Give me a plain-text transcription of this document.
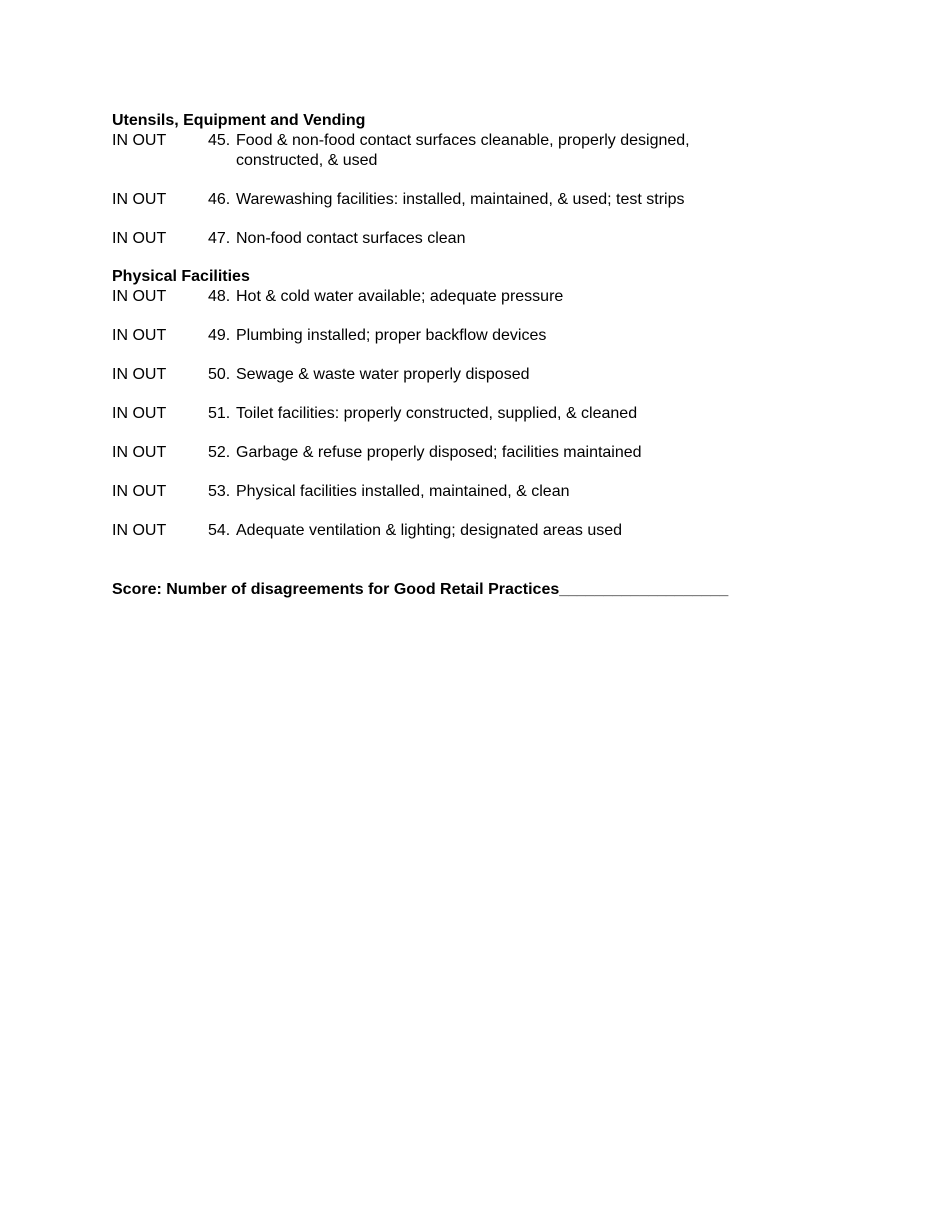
Utensils, Equipment and Vending
IN OUT	45. Food & non-food contact surfaces cleanable, properly designed, constructed, & used
IN OUT	46. Warewashing facilities: installed, maintained, & used; test strips
IN OUT	47. Non-food contact surfaces clean
Physical Facilities
IN OUT	48. Hot & cold water available; adequate pressure
IN OUT	49. Plumbing installed; proper backflow devices
IN OUT	50. Sewage & waste water properly disposed
IN OUT	51. Toilet facilities: properly constructed, supplied, & cleaned
IN OUT	52. Garbage & refuse properly disposed; facilities maintained
IN OUT	53. Physical facilities installed, maintained, & clean
IN OUT	54. Adequate ventilation & lighting; designated areas used
Score: Number of disagreements for Good Retail Practices___________________
